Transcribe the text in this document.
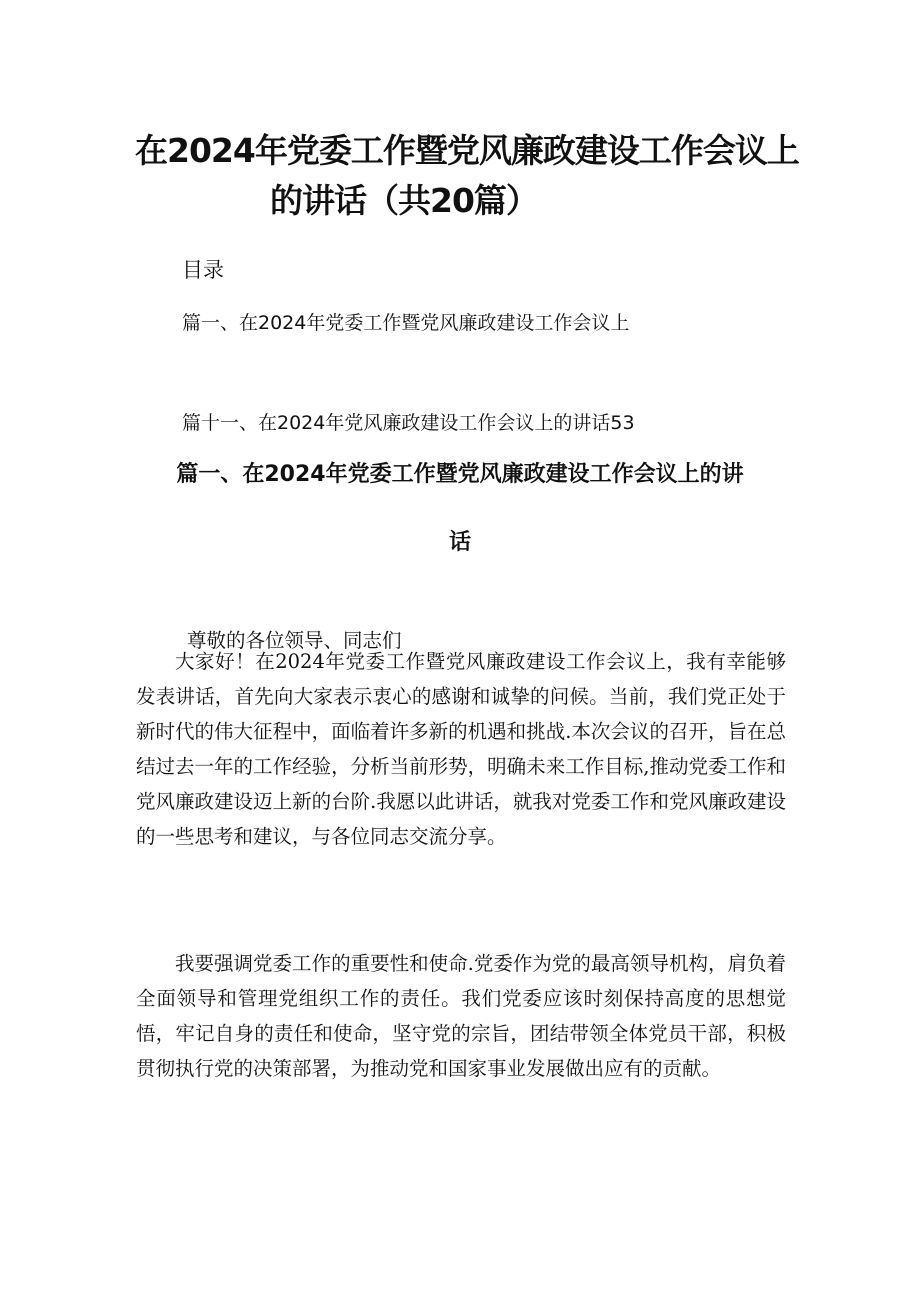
在2024年党委工作暨党风廉政建设工作会议上
的讲话（共20篇）

目录

篇一、在2024年党委工作暨党风廉政建设工作会议上

篇十一、在2024年党风廉政建设工作会议上的讲话53

篇一、在2024年党委工作暨党风廉政建设工作会议上的讲
话

尊敬的各位领导、同志们

大家好！在2024年党委工作暨党风廉政建设工作会议上，我有幸能够发表讲话，首先向大家表示衷心的感谢和诚挚的问候。当前，我们党正处于新时代的伟大征程中，面临着许多新的机遇和挑战.本次会议的召开，旨在总结过去一年的工作经验，分析当前形势，明确未来工作目标,推动党委工作和党风廉政建设迈上新的台阶.我愿以此讲话，就我对党委工作和党风廉政建设的一些思考和建议，与各位同志交流分享。

我要强调党委工作的重要性和使命.党委作为党的最高领导机构，肩负着全面领导和管理党组织工作的责任。我们党委应该时刻保持高度的思想觉悟，牢记自身的责任和使命，坚守党的宗旨，团结带领全体党员干部，积极贯彻执行党的决策部署，为推动党和国家事业发展做出应有的贡献。
